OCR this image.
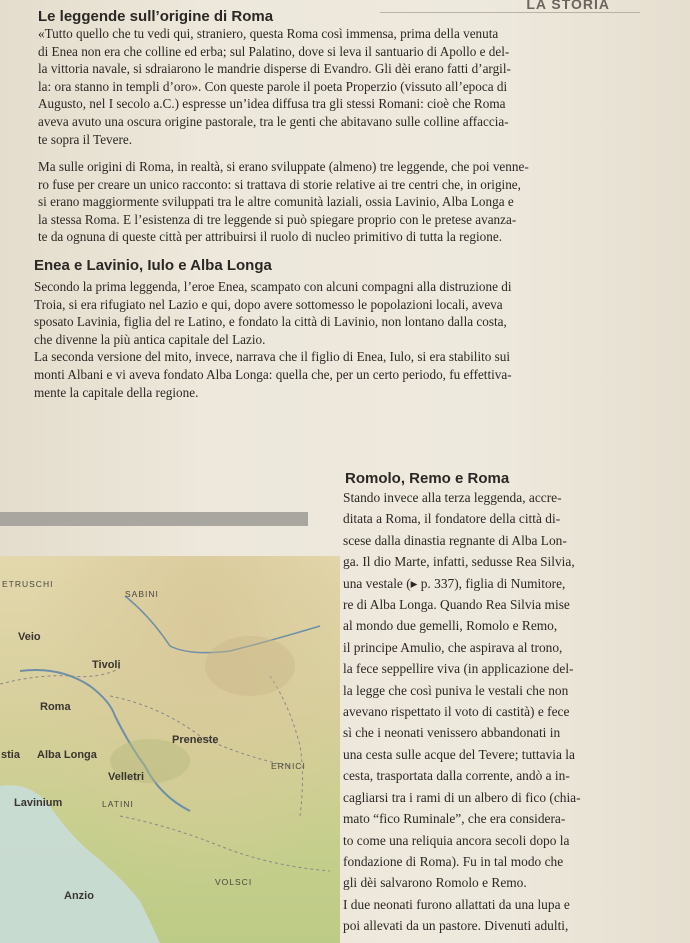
LA STORIA
Le leggende sull’origine di Roma
«Tutto quello che tu vedi qui, straniero, questa Roma così immensa, prima della venuta
di Enea non era che colline ed erba; sul Palatino, dove si leva il santuario di Apollo e del-
la vittoria navale, si sdraiarono le mandrie disperse di Evandro. Gli dèi erano fatti d’argil-
la: ora stanno in templi d’oro». Con queste parole il poeta Properzio (vissuto all’epoca di
Augusto, nel I secolo a.C.) espresse un’idea diffusa tra gli stessi Romani: cioè che Roma
aveva avuto una oscura origine pastorale, tra le genti che abitavano sulle colline affaccia-
te sopra il Tevere.
Ma sulle origini di Roma, in realtà, si erano sviluppate (almeno) tre leggende, che poi venne-
ro fuse per creare un unico racconto: si trattava di storie relative ai tre centri che, in origine,
si erano maggiormente sviluppati tra le altre comunità laziali, ossia Lavinio, Alba Longa e
la stessa Roma. E l’esistenza di tre leggende si può spiegare proprio con le pretese avanza-
te da ognuna di queste città per attribuirsi il ruolo di nucleo primitivo di tutta la regione.
Enea e Lavinio, Iulo e Alba Longa
Secondo la prima leggenda, l’eroe Enea, scampato con alcuni compagni alla distruzione di
Troia, si era rifugiato nel Lazio e qui, dopo avere sottomesso le popolazioni locali, aveva
sposato Lavinia, figlia del re Latino, e fondato la città di Lavinio, non lontano dalla costa,
che divenne la più antica capitale del Lazio.
La seconda versione del mito, invece, narrava che il figlio di Enea, Iulo, si era stabilito sui
monti Albani e vi aveva fondato Alba Longa: quella che, per un certo periodo, fu effettiva-
mente la capitale della regione.
ETRUSCHI
SABINI
Veio
Tivoli
Roma
Preneste
stia Alba Longa
ERNICI
Velletri
Lavinium	LATINI
VOLSCI
Anzio
Romolo, Remo e Roma
Stando invece alla terza leggenda, accre-
ditata a Roma, il fondatore della città di-
scese dalla dinastia regnante di Alba Lon-
ga. Il dio Marte, infatti, sedusse Rea Silvia,
una vestale (▸ p. 337), figlia di Numitore,
re di Alba Longa. Quando Rea Silvia mise
al mondo due gemelli, Romolo e Remo,
il principe Amulio, che aspirava al trono,
la fece seppellire viva (in applicazione del-
la legge che così puniva le vestali che non
avevano rispettato il voto di castità) e fece
sì che i neonati venissero abbandonati in
una cesta sulle acque del Tevere; tuttavia la
cesta, trasportata dalla corrente, andò a in-
cagliarsi tra i rami di un albero di fico (chia-
mato “fico Ruminale”, che era considera-
to come una reliquia ancora secoli dopo la
fondazione di Roma). Fu in tal modo che
gli dèi salvarono Romolo e Remo.
I due neonati furono allattati da una lupa e
poi allevati da un pastore. Divenuti adulti,
